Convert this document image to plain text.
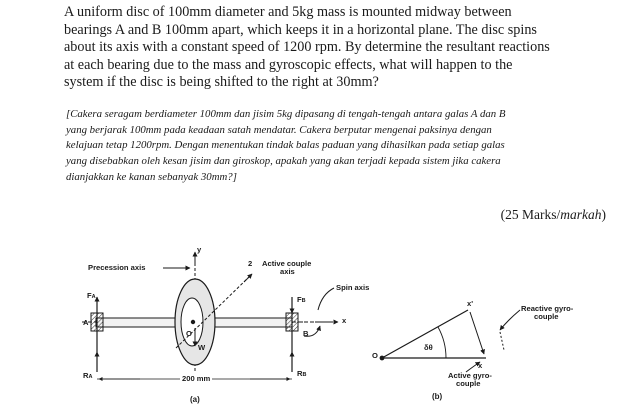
A uniform disc of 100mm diameter and 5kg mass is mounted midway between
bearings A and B 100mm apart, which keeps it in a horizontal plane. The disc spins
about its axis with a constant speed of 1200 rpm. By determine the resultant reactions
at each bearing due to the mass and gyroscopic effects, what will happen to the
system if the disc is being shifted to the right at 30mm?
[Cakera seragam berdiameter 100mm dan jisim 5kg dipasang di tengah-tengah antara galas A dan B
yang berjarak 100mm pada keadaan satah mendatar. Cakera berputar mengenai paksinya dengan
kelajuan tetap 1200rpm. Dengan menentukan tindak balas paduan yang dihasilkan pada setiap galas
yang disebabkan oleh kesan jisim dan giroskop, apakah yang akan terjadi kepada sistem jika cakera
dianjakkan ke kanan sebanyak 30mm?]
(25 Marks/markah)
Precession axis
y
2 Active couple
axis
Spin axis
x
FA	FB
A
B
O
W
RA	RB
200 mm
(a)
Reactive gyro-
couple
x'
O
δθ
x
Active gyro-
couple
(b)
